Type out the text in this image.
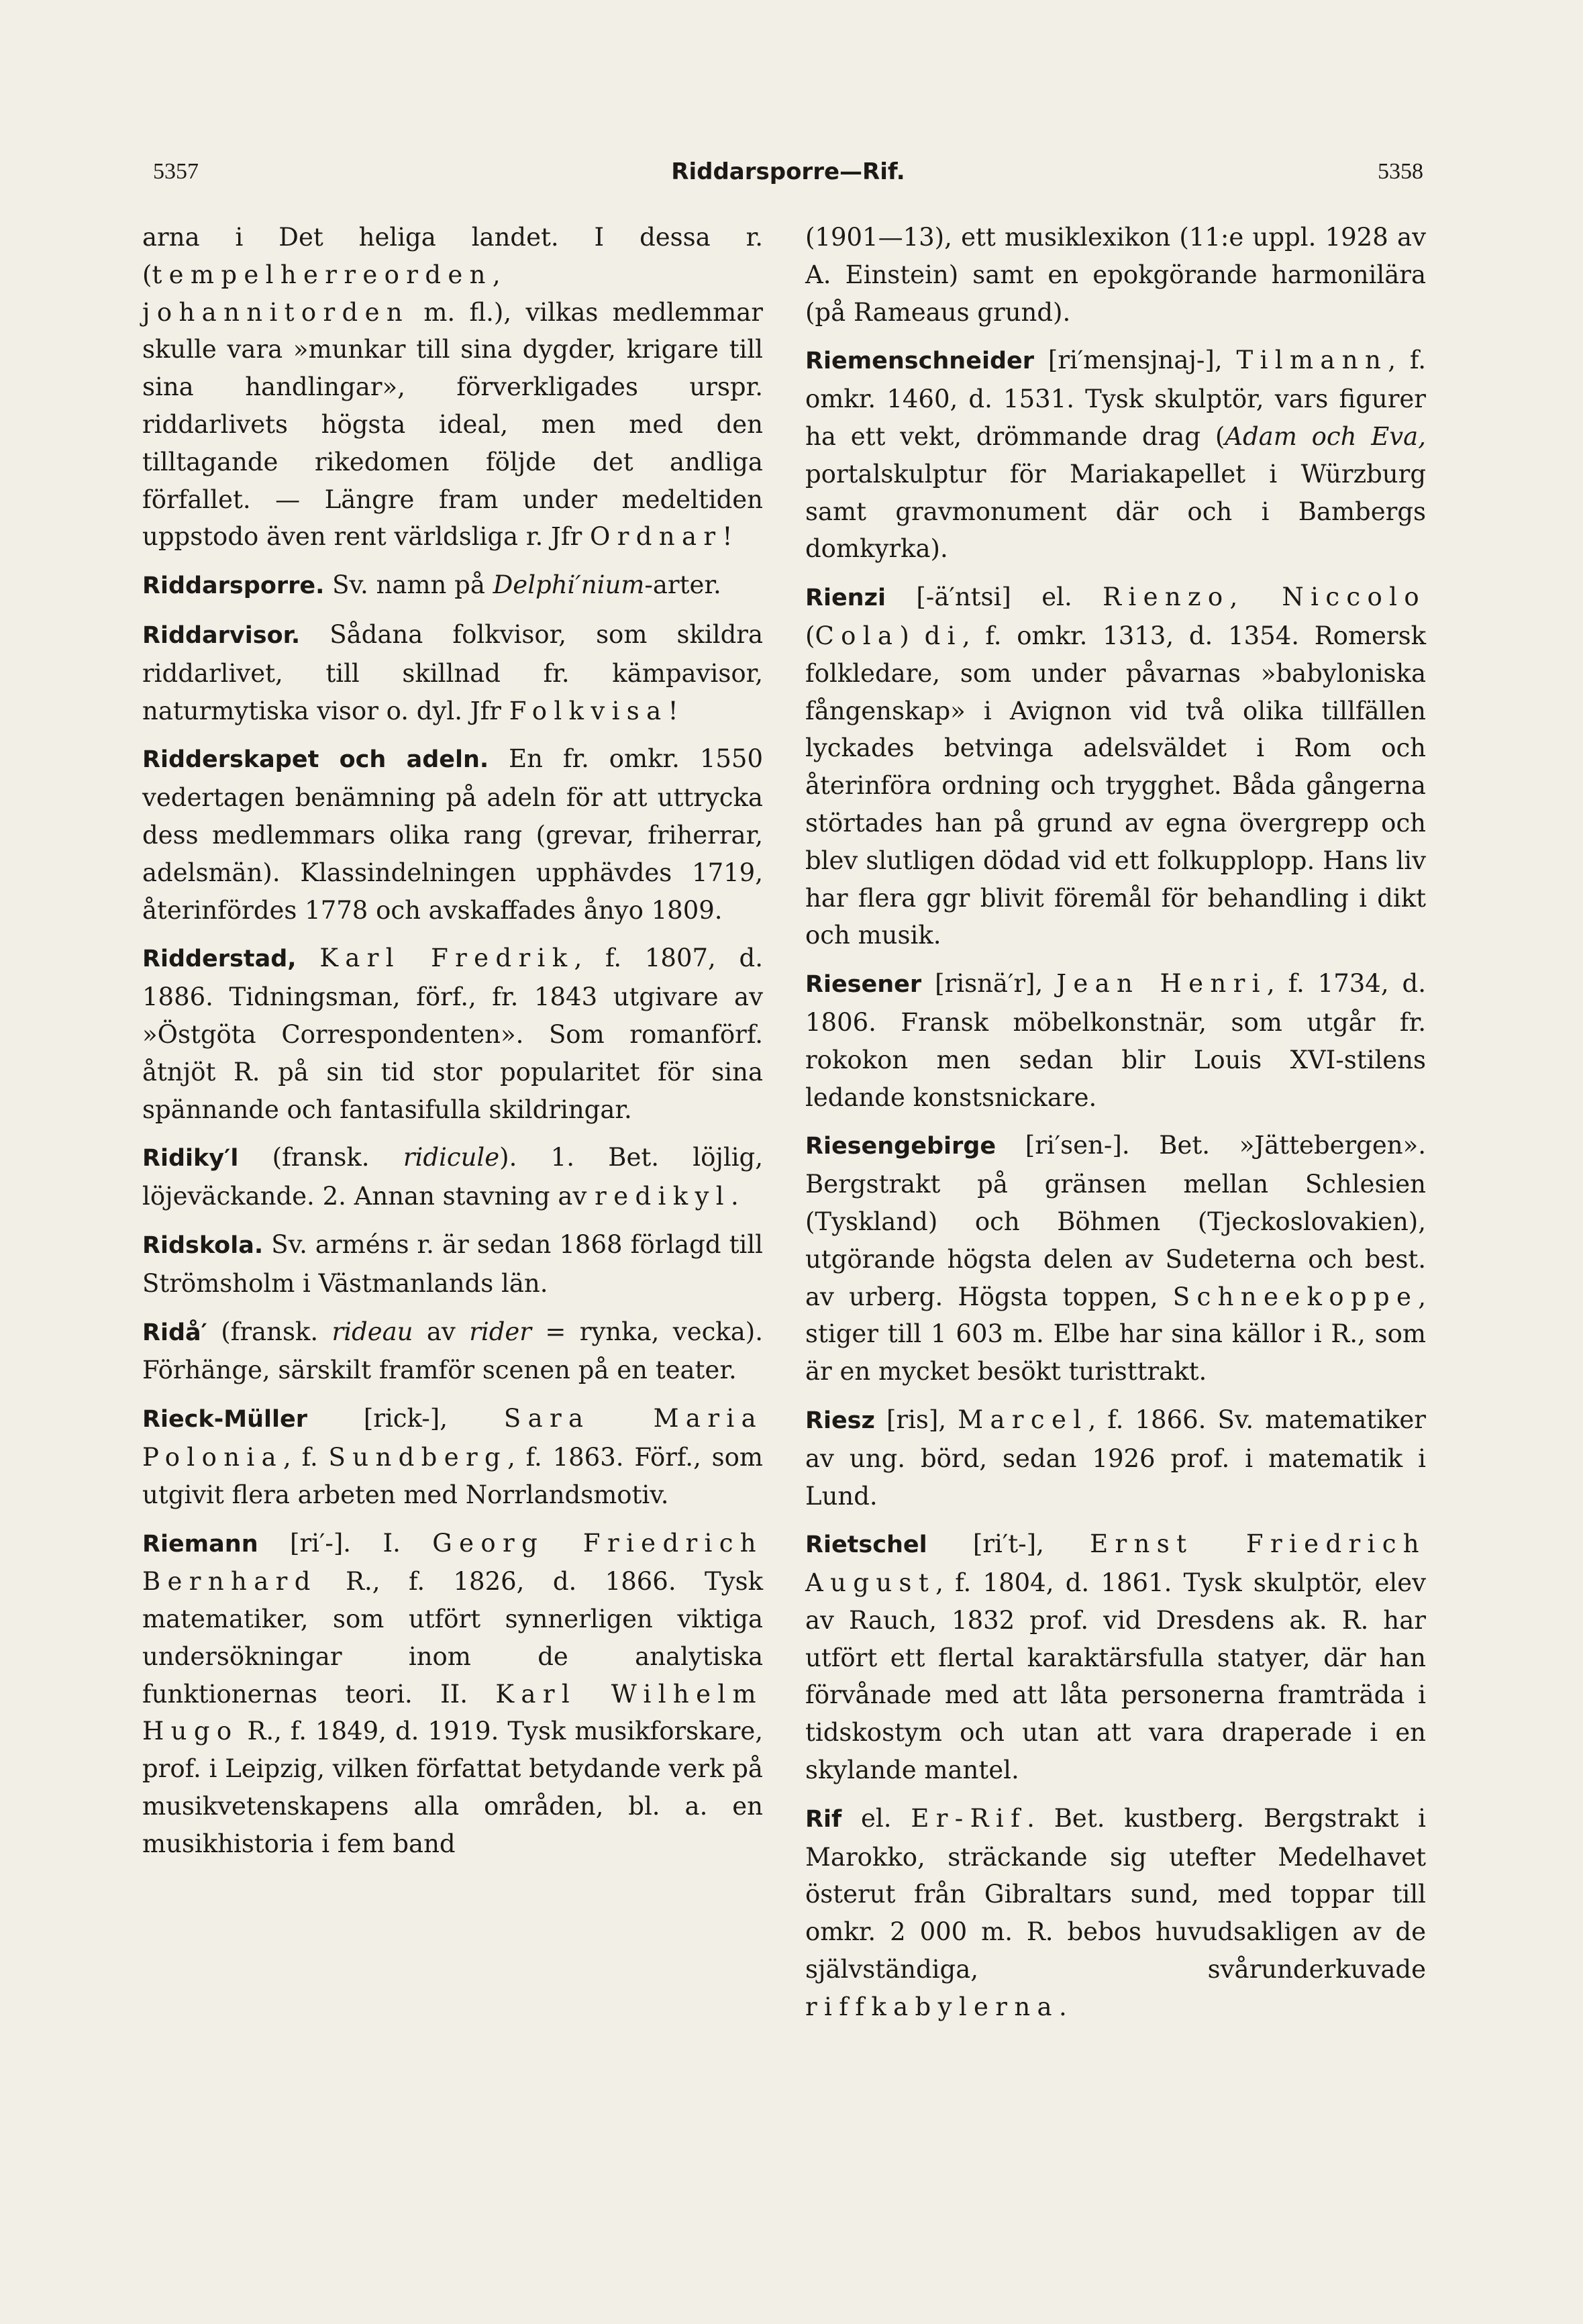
5357	Riddarsporre—Rif.	5358

arna i Det heliga landet. I dessa r. (tempelherreorden, johannitorden m. fl.), vilkas medlemmar skulle vara »munkar till sina dygder, krigare till sina handlingar», förverkligades urspr. riddarlivets högsta ideal, men med den tilltagande rikedomen följde det andliga förfallet. — Längre fram under medeltiden uppstodo även rent världsliga r. Jfr Ordnar!

Riddarsporre. Sv. namn på Delphi′nium-arter.

Riddarvisor. Sådana folkvisor, som skildra riddarlivet, till skillnad fr. kämpavisor, naturmytiska visor o. dyl. Jfr Folkvisa!

Ridderskapet och adeln. En fr. omkr. 1550 vedertagen benämning på adeln för att uttrycka dess medlemmars olika rang (grevar, friherrar, adelsmän). Klassindelningen upphävdes 1719, återinfördes 1778 och avskaffades ånyo 1809.

Ridderstad, Karl Fredrik, f. 1807, d. 1886. Tidningsman, förf., fr. 1843 utgivare av »Östgöta Correspondenten». Som romanförf. åtnjöt R. på sin tid stor popularitet för sina spännande och fantasifulla skildringar.

Ridiky′l (fransk. ridicule). 1. Bet. löjlig, löjeväckande. 2. Annan stavning av redikyl.

Ridskola. Sv. arméns r. är sedan 1868 förlagd till Strömsholm i Västmanlands län.

Ridå′ (fransk. rideau av rider = rynka, vecka). Förhänge, särskilt framför scenen på en teater.

Rieck-Müller [rick-], Sara Maria Polonia, f. Sundberg, f. 1863. Förf., som utgivit flera arbeten med Norrlandsmotiv.

Riemann [ri′-]. I. Georg Friedrich Bernhard R., f. 1826, d. 1866. Tysk matematiker, som utfört synnerligen viktiga undersökningar inom de analytiska funktionernas teori. II. Karl Wilhelm Hugo R., f. 1849, d. 1919. Tysk musikforskare, prof. i Leipzig, vilken författat betydande verk på musikvetenskapens alla områden, bl. a. en musikhistoria i fem band

(1901—13), ett musiklexikon (11:e uppl. 1928 av A. Einstein) samt en epokgörande harmonilära (på Rameaus grund).

Riemenschneider [ri′mensjnaj-], Tilmann, f. omkr. 1460, d. 1531. Tysk skulptör, vars figurer ha ett vekt, drömmande drag (Adam och Eva, portalskulptur för Mariakapellet i Würzburg samt gravmonument där och i Bambergs domkyrka).

Rienzi [-ä′ntsi] el. Rienzo, Niccolo (Cola) di, f. omkr. 1313, d. 1354. Romersk folkledare, som under påvarnas »babyloniska fångenskap» i Avignon vid två olika tillfällen lyckades betvinga adelsväldet i Rom och återinföra ordning och trygghet. Båda gångerna störtades han på grund av egna övergrepp och blev slutligen dödad vid ett folkupplopp. Hans liv har flera ggr blivit föremål för behandling i dikt och musik.

Riesener [risnä′r], Jean Henri, f. 1734, d. 1806. Fransk möbelkonstnär, som utgår fr. rokokon men sedan blir Louis XVI-stilens ledande konstsnickare.

Riesengebirge [ri′sen-]. Bet. »Jättebergen». Bergstrakt på gränsen mellan Schlesien (Tyskland) och Böhmen (Tjeckoslovakien), utgörande högsta delen av Sudeterna och best. av urberg. Högsta toppen, Schneekoppe, stiger till 1 603 m. Elbe har sina källor i R., som är en mycket besökt turisttrakt.

Riesz [ris], Marcel, f. 1866. Sv. matematiker av ung. börd, sedan 1926 prof. i matematik i Lund.

Rietschel [ri′t-], Ernst Friedrich August, f. 1804, d. 1861. Tysk skulptör, elev av Rauch, 1832 prof. vid Dresdens ak. R. har utfört ett flertal karaktärsfulla statyer, där han förvånade med att låta personerna framträda i tidskostym och utan att vara draperade i en skylande mantel.

Rif el. Er-Rif. Bet. kustberg. Bergstrakt i Marokko, sträckande sig utefter Medelhavet österut från Gibraltars sund, med toppar till omkr. 2 000 m. R. bebos huvudsakligen av de självständiga, svårunderkuvade riffkabylerna.
